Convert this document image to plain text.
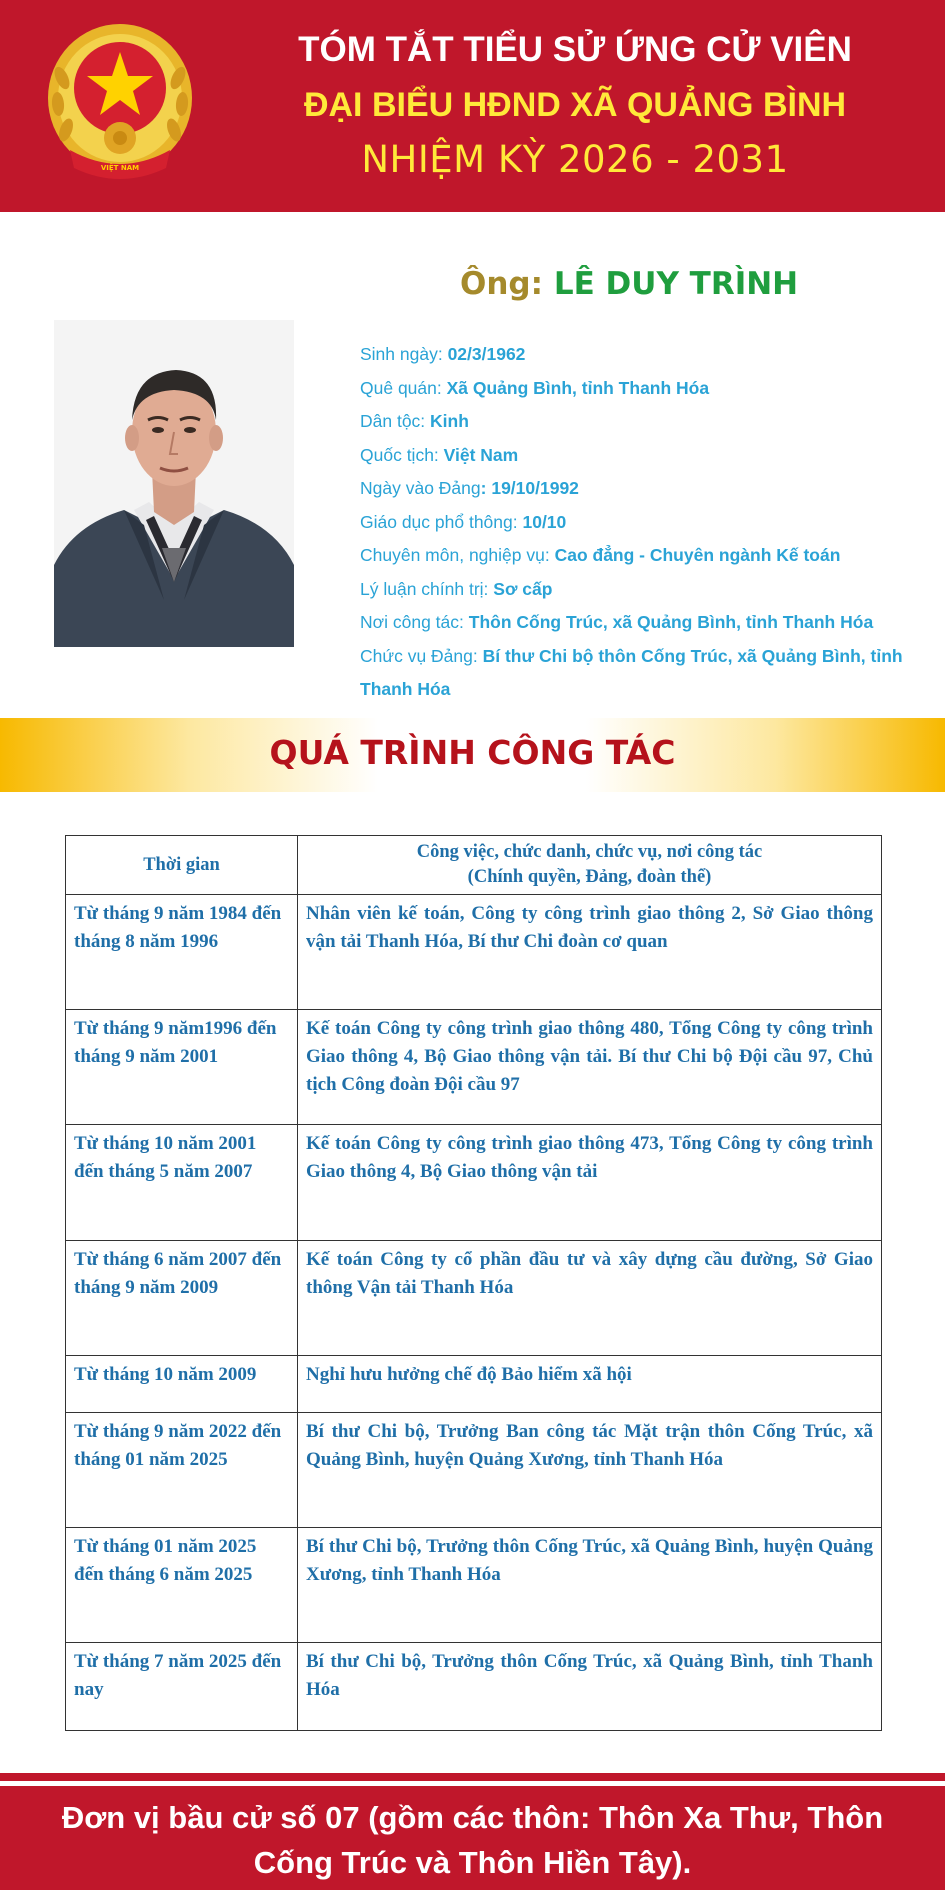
VIỆT NAM
TÓM TẮT TIỂU SỬ ỨNG CỬ VIÊN
ĐẠI BIỂU HĐND XÃ QUẢNG BÌNH
NHIỆM KỲ 2026 - 2031
Ông: LÊ DUY TRÌNH
Sinh ngày: 02/3/1962
Quê quán: Xã Quảng Bình, tỉnh Thanh Hóa
Dân tộc: Kinh
Quốc tịch: Việt Nam
Ngày vào Đảng: 19/10/1992
Giáo dục phổ thông: 10/10
Chuyên môn, nghiệp vụ: Cao đẳng - Chuyên ngành Kế toán
Lý luận chính trị: Sơ cấp
Nơi công tác: Thôn Cống Trúc, xã Quảng Bình, tỉnh Thanh Hóa
Chức vụ Đảng: Bí thư Chi bộ thôn Cống Trúc, xã Quảng Bình, tỉnh Thanh Hóa
QUÁ TRÌNH CÔNG TÁC
Thời gian	Công việc, chức danh, chức vụ, nơi công tác
(Chính quyền, Đảng, đoàn thể)

Từ tháng 9 năm 1984 đến tháng 8 năm 1996	Nhân viên kế toán, Công ty công trình giao thông 2, Sở Giao thông vận tải Thanh Hóa, Bí thư Chi đoàn cơ quan
Từ tháng 9 năm1996 đến tháng 9 năm 2001	Kế toán Công ty công trình giao thông 480, Tổng Công ty công trình Giao thông 4, Bộ Giao thông vận tải. Bí thư Chi bộ Đội cầu 97, Chủ tịch Công đoàn Đội cầu 97
Từ tháng 10 năm 2001 đến tháng 5 năm 2007	Kế toán Công ty công trình giao thông 473, Tổng Công ty công trình Giao thông 4, Bộ Giao thông vận tải
Từ tháng 6 năm 2007 đến tháng 9 năm 2009	Kế toán Công ty cổ phần đầu tư và xây dựng cầu đường, Sở Giao thông Vận tải Thanh Hóa
Từ tháng 10 năm 2009	Nghỉ hưu hưởng chế độ Bảo hiểm xã hội
Từ tháng 9 năm 2022 đến tháng 01 năm 2025	Bí thư Chi bộ, Trưởng Ban công tác Mặt trận thôn Cống Trúc, xã Quảng Bình, huyện Quảng Xương, tỉnh Thanh Hóa
Từ tháng 01 năm 2025 đến tháng 6 năm 2025	Bí thư Chi bộ, Trưởng thôn Cống Trúc, xã Quảng Bình, huyện Quảng Xương, tỉnh Thanh Hóa
Từ tháng 7 năm 2025 đến nay	Bí thư Chi bộ, Trưởng thôn Cống Trúc, xã Quảng Bình, tỉnh Thanh Hóa
Đơn vị bầu cử số 07 (gồm các thôn: Thôn Xa Thư, Thôn Cống Trúc và Thôn Hiền Tây).
